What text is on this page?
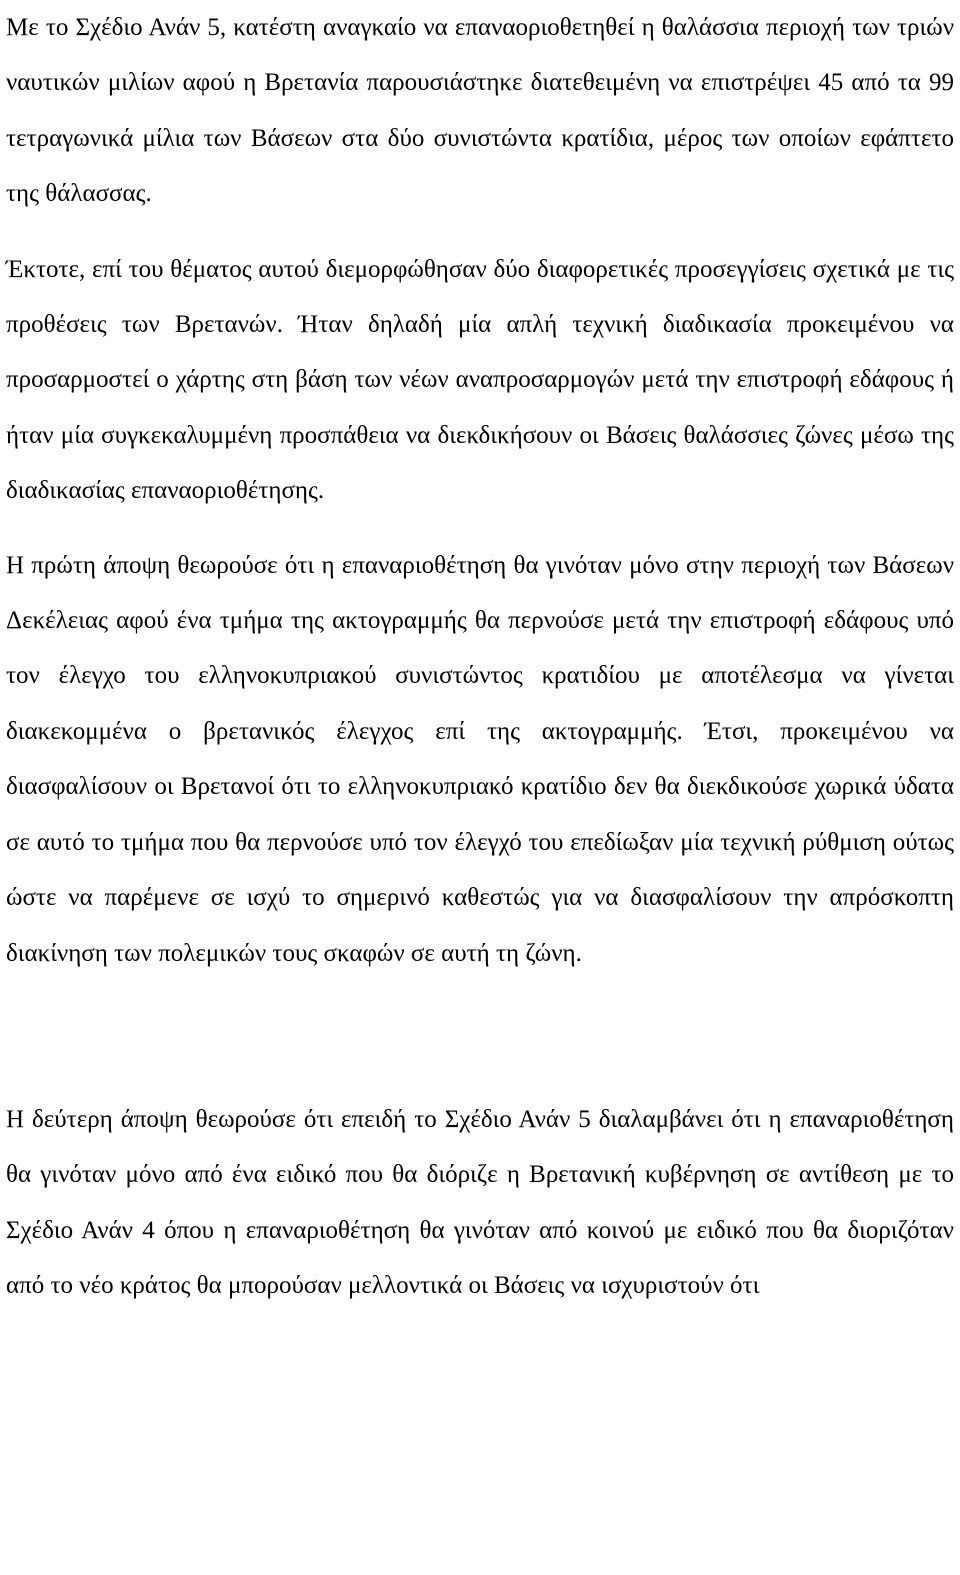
Με το Σχέδιο Ανάν 5, κατέστη αναγκαίο να επαναοριοθετηθεί η θαλάσσια περιοχή των τριών ναυτικών μιλίων αφού η Βρετανία παρουσιάστηκε διατεθειμένη να επιστρέψει 45 από τα 99 τετραγωνικά μίλια των Βάσεων στα δύο συνιστώντα κρατίδια, μέρος των οποίων εφάπτετο της θάλασσας.

Έκτοτε, επί του θέματος αυτού διεμορφώθησαν δύο διαφορετικές προσεγγίσεις σχετικά με τις προθέσεις των Βρετανών. Ήταν δηλαδή μία απλή τεχνική διαδικασία προκειμένου να προσαρμοστεί ο χάρτης στη βάση των νέων αναπροσαρμογών μετά την επιστροφή εδάφους ή ήταν μία συγκεκαλυμμένη προσπάθεια να διεκδικήσουν οι Βάσεις θαλάσσιες ζώνες μέσω της διαδικασίας επαναοριοθέτησης.

Η πρώτη άποψη θεωρούσε ότι η επαναριοθέτηση θα γινόταν μόνο στην περιοχή των Βάσεων Δεκέλειας αφού ένα τμήμα της ακτογραμμής θα περνούσε μετά την επιστροφή εδάφους υπό τον έλεγχο του ελληνοκυπριακού συνιστώντος κρατιδίου με αποτέλεσμα να γίνεται διακεκομμένα ο βρετανικός έλεγχος επί της ακτογραμμής. Έτσι, προκειμένου να διασφαλίσουν οι Βρετανοί ότι το ελληνοκυπριακό κρατίδιο δεν θα διεκδικούσε χωρικά ύδατα σε αυτό το τμήμα που θα περνούσε υπό τον έλεγχό του επεδίωξαν μία τεχνική ρύθμιση ούτως ώστε να παρέμενε σε ισχύ το σημερινό καθεστώς για να διασφαλίσουν την απρόσκοπτη διακίνηση των πολεμικών τους σκαφών σε αυτή τη ζώνη.

Η δεύτερη άποψη θεωρούσε ότι επειδή το Σχέδιο Ανάν 5 διαλαμβάνει ότι η επαναριοθέτηση θα γινόταν μόνο από ένα ειδικό που θα διόριζε η Βρετανική κυβέρνηση σε αντίθεση με το Σχέδιο Ανάν 4 όπου η επαναριοθέτηση θα γινόταν από κοινού με ειδικό που θα διοριζόταν από το νέο κράτος θα μπορούσαν μελλοντικά οι Βάσεις να ισχυριστούν ότι
